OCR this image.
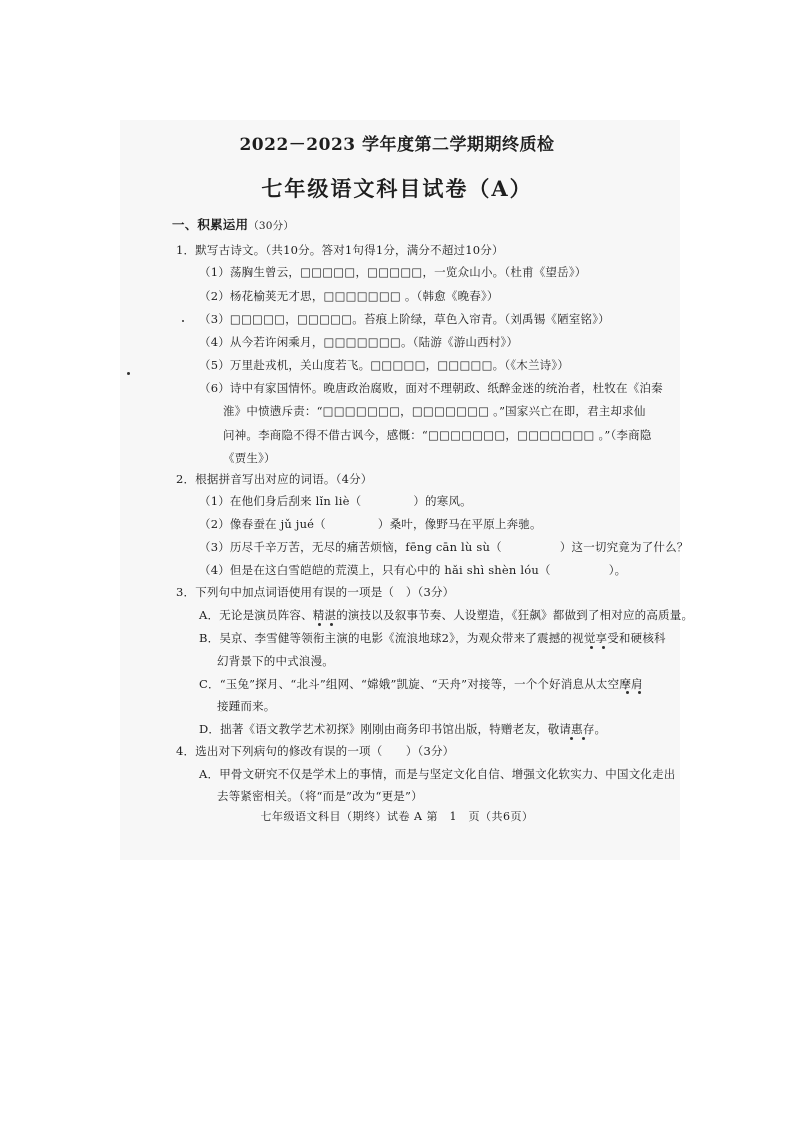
2022－2023 学年度第二学期期终质检
七年级语文科目试卷（A）
一、积累运用（30分）
1．默写古诗文。（共10分。答对1句得1分，满分不超过10分）
（1）荡胸生曾云，□□□□□，□□□□□，一览众山小。（杜甫《望岳》）
（2）杨花榆荚无才思，□□□□□□□ 。（韩愈《晚春》）
（3）□□□□□，□□□□□。苔痕上阶绿，草色入帘青。（刘禹锡《陋室铭》）
（4）从今若许闲乘月，□□□□□□□。（陆游《游山西村》）
（5）万里赴戎机，关山度若飞。□□□□□，□□□□□。（《木兰诗》）
（6）诗中有家国情怀。晚唐政治腐败，面对不理朝政、纸醉金迷的统治者，杜牧在《泊秦
淮》中愤懑斥责：“□□□□□□□，□□□□□□□ 。”国家兴亡在即，君主却求仙
问神。李商隐不得不借古讽今，感慨：“□□□□□□□，□□□□□□□ 。”（李商隐
《贾生》）
2．根据拼音写出对应的词语。（4分）
（1）在他们身后刮来 lǐn liè（	）的寒风。
（2）像春蚕在 jǔ jué（	）桑叶，像野马在平原上奔驰。
（3）历尽千辛万苦，无尽的痛苦烦恼，fēng cān lù sù（	）这一切究竟为了什么？
（4）但是在这白雪皑皑的荒漠上，只有心中的 hǎi shì shèn lóu（	）。
3．下列句中加点词语使用有误的一项是（　）（3分）
A．无论是演员阵容、精湛的演技以及叙事节奏、人设塑造，《狂飙》都做到了相对应的高质量。
B．吴京、李雪健等领衔主演的电影《流浪地球2》，为观众带来了震撼的视觉享受和硬核科
幻背景下的中式浪漫。
C．“玉兔”探月、“北斗”组网、“嫦娥”凯旋、“天舟”对接等，一个个好消息从太空摩肩
接踵而来。
D．拙著《语文教学艺术初探》刚刚由商务印书馆出版，特赠老友，敬请惠存。
4．选出对下列病句的修改有误的一项（　　）（3分）
A．甲骨文研究不仅是学术上的事情，而是与坚定文化自信、增强文化软实力、中国文化走出
去等紧密相关。（将“而是”改为“更是”）
七年级语文科目（期终）试卷 A 第　1　页（共6页）
